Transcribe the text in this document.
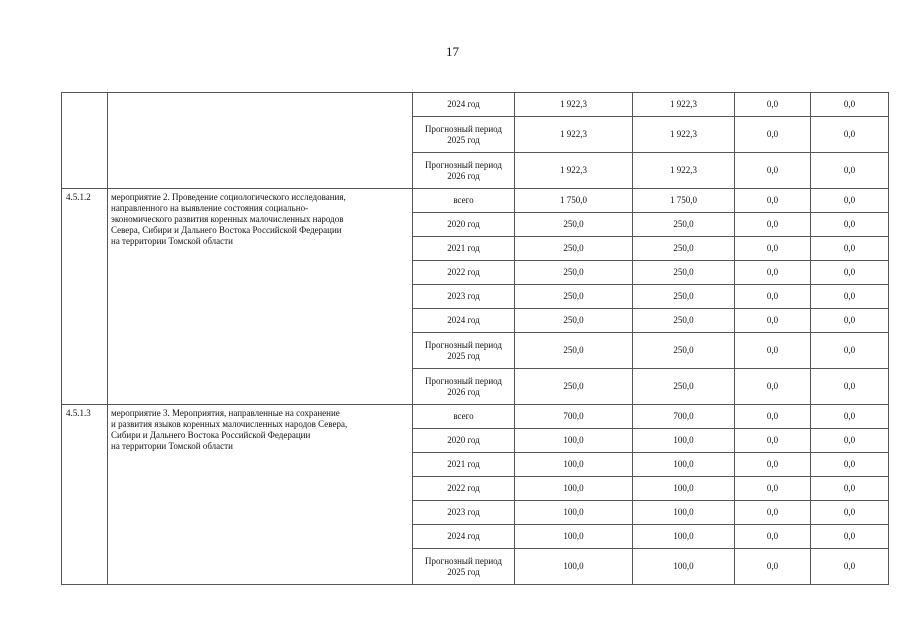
17

		2024 год	1 922,3	1 922,3	0,0	0,0

		Прогнозный период
2025 год	1 922,3	1 922,3	0,0	0,0

		Прогнозный период
2026 год	1 922,3	1 922,3	0,0	0,0
4.5.1.2	мероприятие 2. Проведение социологического исследования,
направленного на выявление состояния социально-
экономического развития коренных малочисленных народов
Севера, Сибири и Дальнего Востока Российской Федерации
на территории Томской области	всего	1 750,0	1 750,0	0,0	0,0

		2020 год	250,0	250,0	0,0	0,0

		2021 год	250,0	250,0	0,0	0,0

		2022 год	250,0	250,0	0,0	0,0

		2023 год	250,0	250,0	0,0	0,0

		2024 год	250,0	250,0	0,0	0,0

		Прогнозный период
2025 год	250,0	250,0	0,0	0,0

		Прогнозный период
2026 год	250,0	250,0	0,0	0,0
4.5.1.3	мероприятие 3. Мероприятия, направленные на сохранение
и развития языков коренных малочисленных народов Севера,
Сибири и Дальнего Востока Российской Федерации
на территории Томской области	всего	700,0	700,0	0,0	0,0

		2020 год	100,0	100,0	0,0	0,0

		2021 год	100,0	100,0	0,0	0,0

		2022 год	100,0	100,0	0,0	0,0

		2023 год	100,0	100,0	0,0	0,0

		2024 год	100,0	100,0	0,0	0,0

		Прогнозный период
2025 год	100,0	100,0	0,0	0,0
